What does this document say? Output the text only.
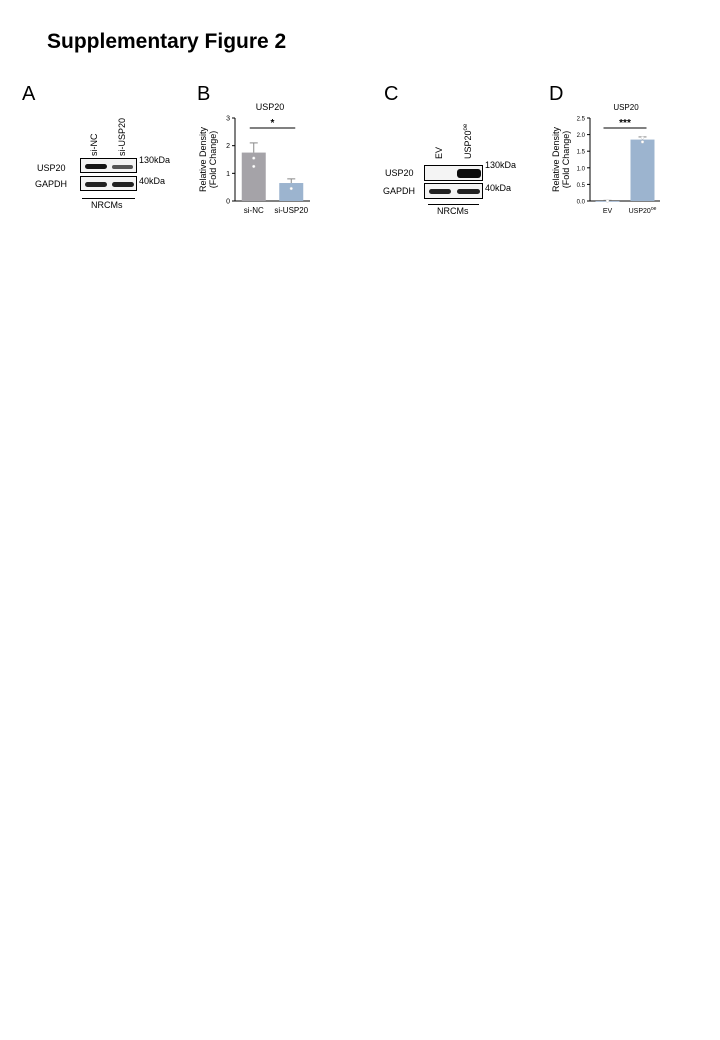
Supplementary Figure 2
A	B	C	D
si-NC si-USP20
USP20
GAPDH
130kDa
40kDa
NRCMs
EV $USP20^{oe}$
USP20
GAPDH
130kDa
40kDa
NRCMs
USP20
Relative Density(Fold Change)
0
1
2
3
si-NC si-USP20
*
USP20
Relative Density(Fold Change)
0.0
0.5
1.0
1.5
2.0
2.5
EV $USP20^{oe}$
***
